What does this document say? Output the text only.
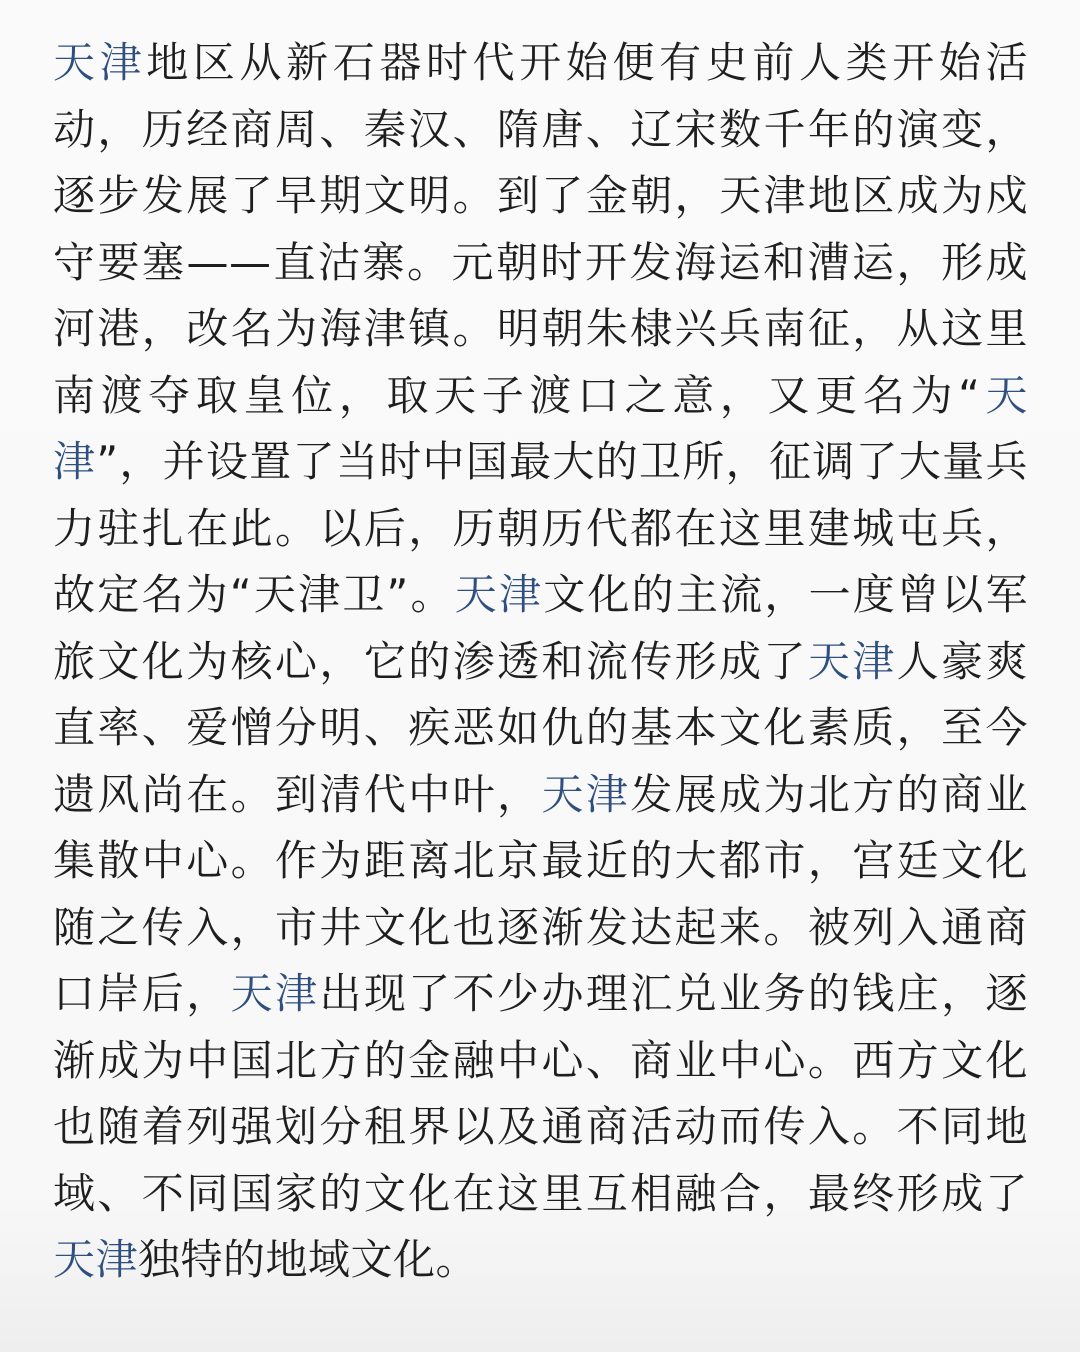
天津地区从新石器时代开始便有史前人类开始活动，历经商周、秦汉、隋唐、辽宋数千年的演变，逐步发展了早期文明。到了金朝，天津地区成为戍守要塞——直沽寨。元朝时开发海运和漕运，形成河港，改名为海津镇。明朝朱棣兴兵南征，从这里南渡夺取皇位，取天子渡口之意，又更名为“天津”，并设置了当时中国最大的卫所，征调了大量兵力驻扎在此。以后，历朝历代都在这里建城屯兵，故定名为“天津卫”。天津文化的主流，一度曾以军旅文化为核心，它的渗透和流传形成了天津人豪爽直率、爱憎分明、疾恶如仇的基本文化素质，至今遗风尚在。到清代中叶，天津发展成为北方的商业集散中心。作为距离北京最近的大都市，宫廷文化随之传入，市井文化也逐渐发达起来。被列入通商口岸后，天津出现了不少办理汇兑业务的钱庄，逐渐成为中国北方的金融中心、商业中心。西方文化也随着列强划分租界以及通商活动而传入。不同地域、不同国家的文化在这里互相融合，最终形成了天津独特的地域文化。
